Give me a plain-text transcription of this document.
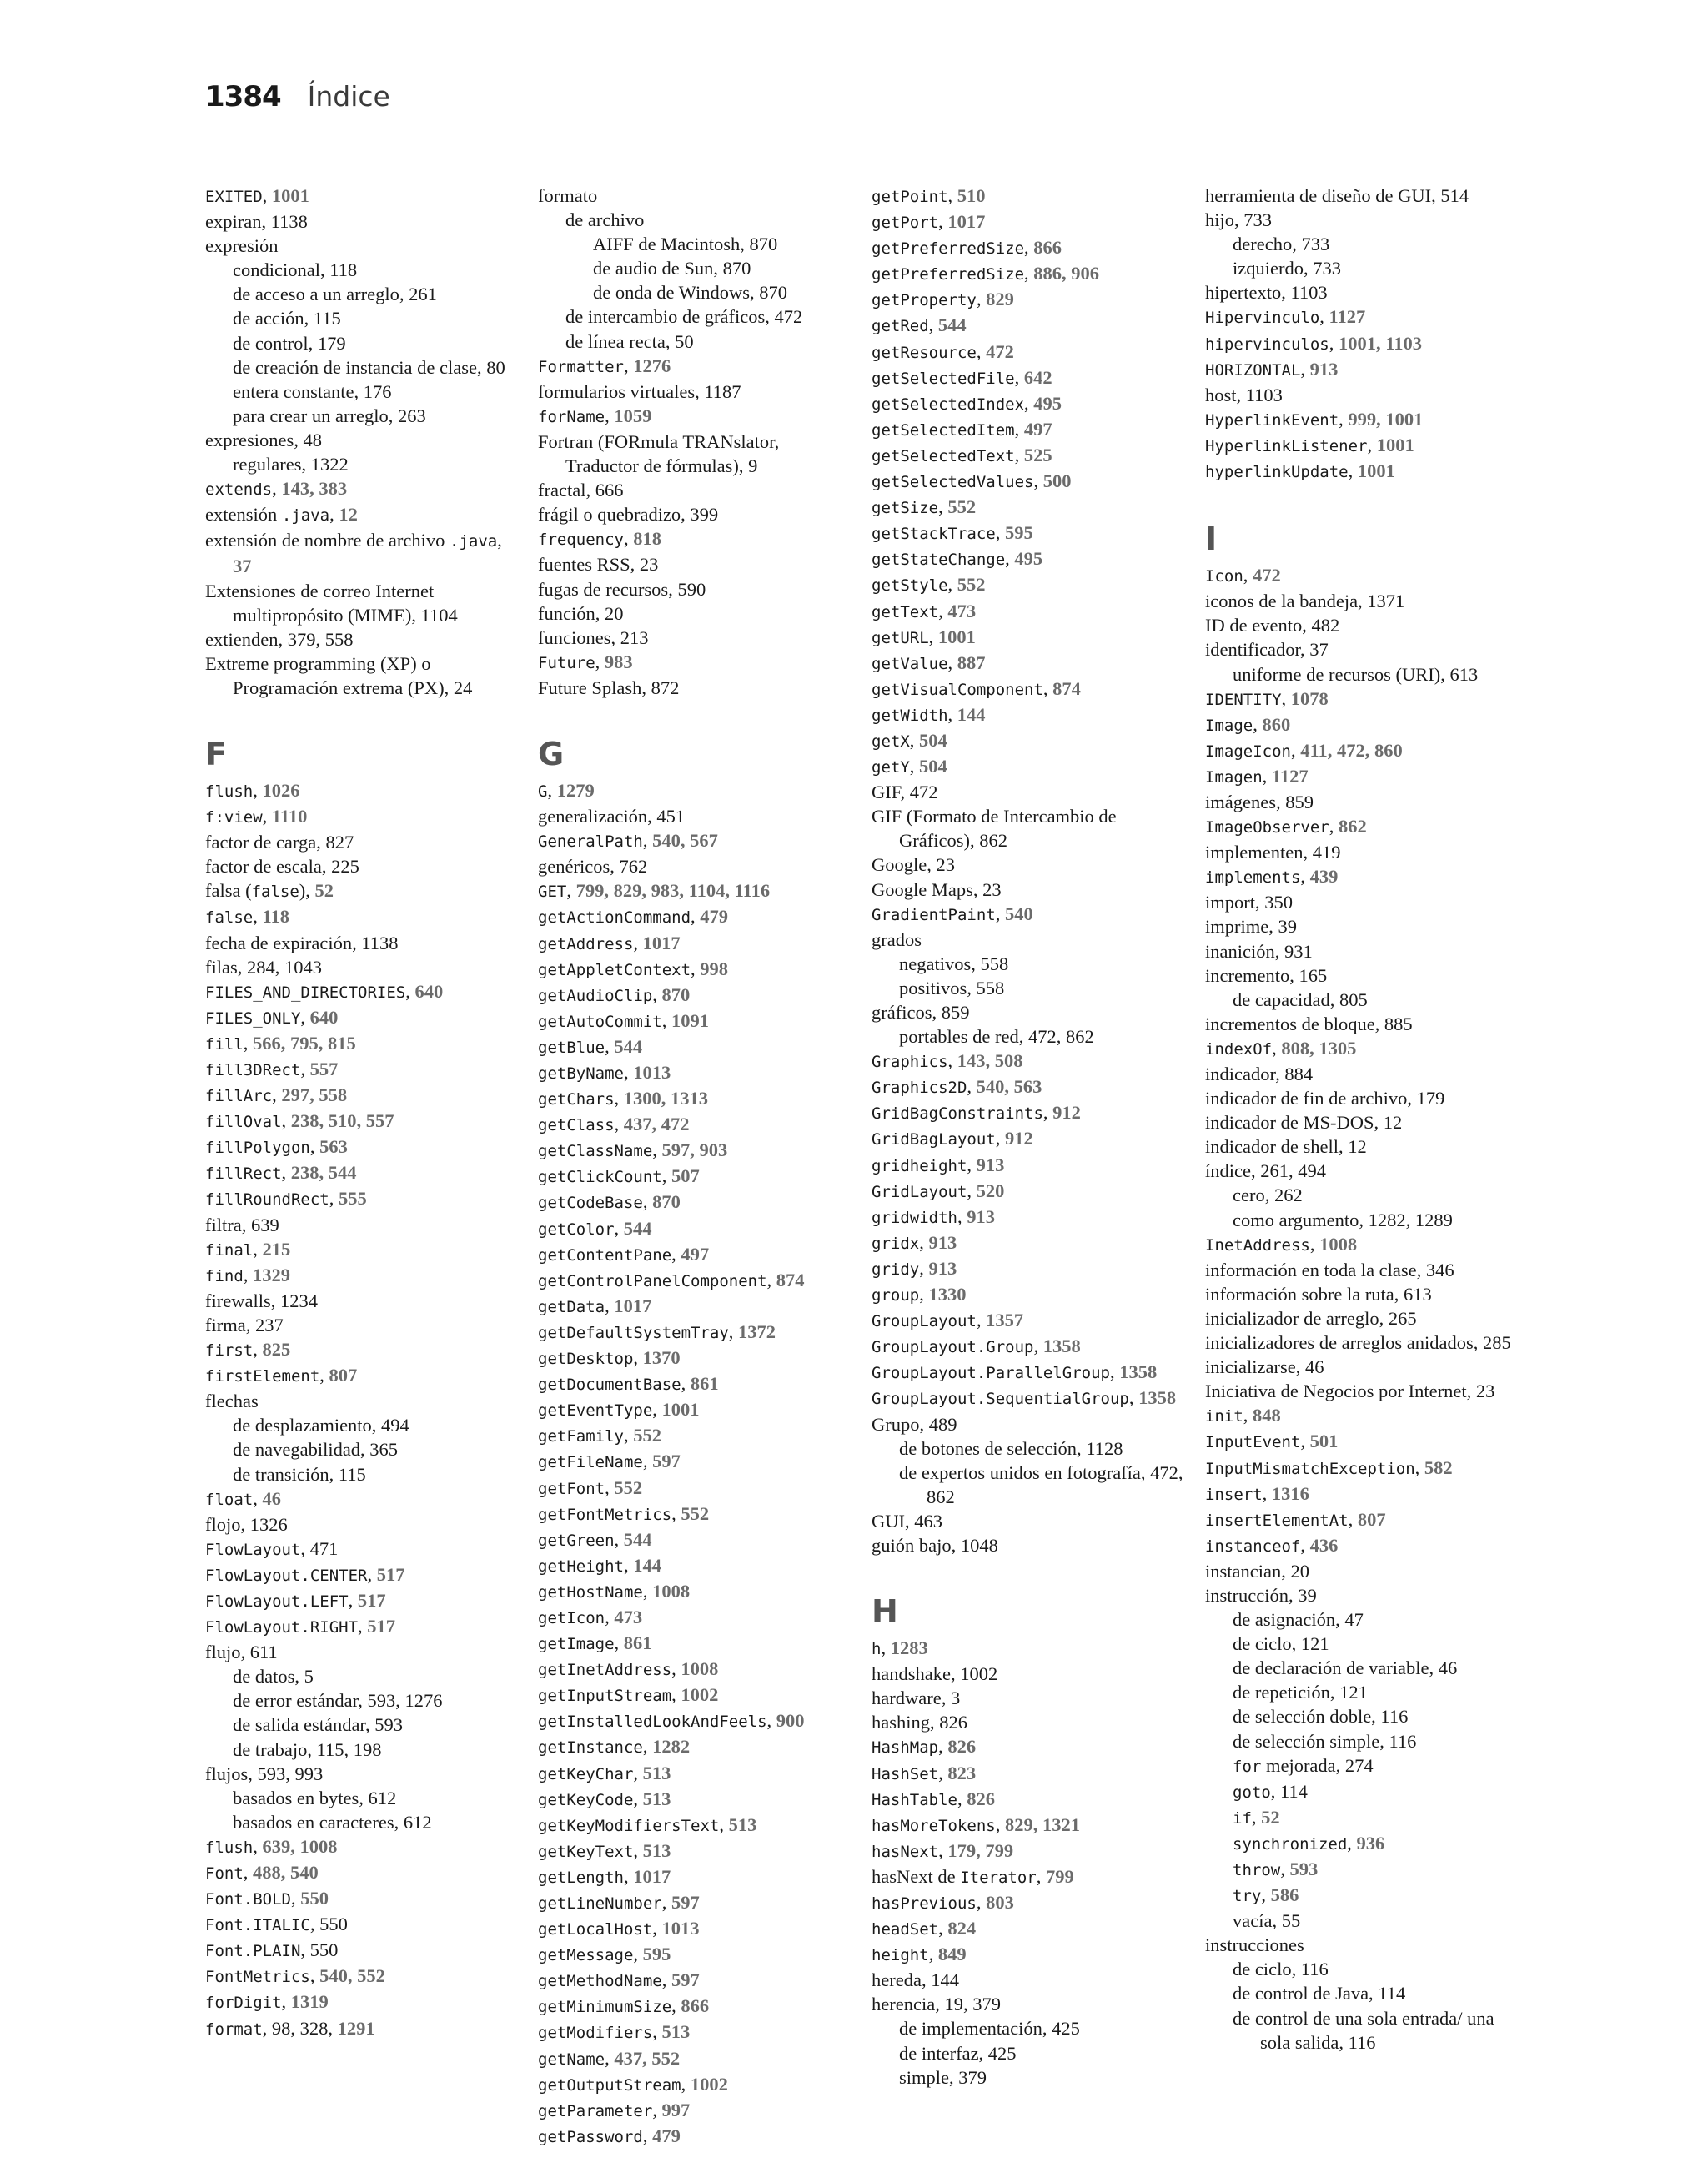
1384 Índice
EXITED, 1001
expiran, 1138
expresión
condicional, 118
de acceso a un arreglo, 261
de acción, 115
de control, 179
de creación de instancia de clase, 80
entera constante, 176
para crear un arreglo, 263
expresiones, 48
regulares, 1322
extends, 143, 383
extensión .java, 12
extensión de nombre de archivo .java, 37
Extensiones de correo Internet multipropósito (MIME), 1104
extienden, 379, 558
Extreme programming (XP) o Programación extrema (PX), 24
F
flush, 1026
f:view, 1110
factor de carga, 827
factor de escala, 225
falsa (false), 52
false, 118
fecha de expiración, 1138
filas, 284, 1043
FILES_AND_DIRECTORIES, 640
FILES_ONLY, 640
fill, 566, 795, 815
fill3DRect, 557
fillArc, 297, 558
fillOval, 238, 510, 557
fillPolygon, 563
fillRect, 238, 544
fillRoundRect, 555
filtra, 639
final, 215
find, 1329
firewalls, 1234
firma, 237
first, 825
firstElement, 807
flechas
de desplazamiento, 494
de navegabilidad, 365
de transición, 115
float, 46
flojo, 1326
FlowLayout, 471
FlowLayout.CENTER, 517
FlowLayout.LEFT, 517
FlowLayout.RIGHT, 517
flujo, 611
de datos, 5
de error estándar, 593, 1276
de salida estándar, 593
de trabajo, 115, 198
flujos, 593, 993
basados en bytes, 612
basados en caracteres, 612
flush, 639, 1008
Font, 488, 540
Font.BOLD, 550
Font.ITALIC, 550
Font.PLAIN, 550
FontMetrics, 540, 552
forDigit, 1319
format, 98, 328, 1291
formato
de archivo
AIFF de Macintosh, 870
de audio de Sun, 870
de onda de Windows, 870
de intercambio de gráficos, 472
de línea recta, 50
Formatter, 1276
formularios virtuales, 1187
forName, 1059
Fortran (FORmula TRANslator, Traductor de fórmulas), 9
fractal, 666
frágil o quebradizo, 399
frequency, 818
fuentes RSS, 23
fugas de recursos, 590
función, 20
funciones, 213
Future, 983
Future Splash, 872
G
G, 1279
generalización, 451
GeneralPath, 540, 567
genéricos, 762
GET, 799, 829, 983, 1104, 1116
getActionCommand, 479
getAddress, 1017
getAppletContext, 998
getAudioClip, 870
getAutoCommit, 1091
getBlue, 544
getByName, 1013
getChars, 1300, 1313
getClass, 437, 472
getClassName, 597, 903
getClickCount, 507
getCodeBase, 870
getColor, 544
getContentPane, 497
getControlPanelComponent, 874
getData, 1017
getDefaultSystemTray, 1372
getDesktop, 1370
getDocumentBase, 861
getEventType, 1001
getFamily, 552
getFileName, 597
getFont, 552
getFontMetrics, 552
getGreen, 544
getHeight, 144
getHostName, 1008
getIcon, 473
getImage, 861
getInetAddress, 1008
getInputStream, 1002
getInstalledLookAndFeels, 900
getInstance, 1282
getKeyChar, 513
getKeyCode, 513
getKeyModifiersText, 513
getKeyText, 513
getLength, 1017
getLineNumber, 597
getLocalHost, 1013
getMessage, 595
getMethodName, 597
getMinimumSize, 866
getModifiers, 513
getName, 437, 552
getOutputStream, 1002
getParameter, 997
getPassword, 479
getPoint, 510
getPort, 1017
getPreferredSize, 866
getPreferredSize, 886, 906
getProperty, 829
getRed, 544
getResource, 472
getSelectedFile, 642
getSelectedIndex, 495
getSelectedItem, 497
getSelectedText, 525
getSelectedValues, 500
getSize, 552
getStackTrace, 595
getStateChange, 495
getStyle, 552
getText, 473
getURL, 1001
getValue, 887
getVisualComponent, 874
getWidth, 144
getX, 504
getY, 504
GIF, 472
GIF (Formato de Intercambio de Gráficos), 862
Google, 23
Google Maps, 23
GradientPaint, 540
grados
negativos, 558
positivos, 558
gráficos, 859
portables de red, 472, 862
Graphics, 143, 508
Graphics2D, 540, 563
GridBagConstraints, 912
GridBagLayout, 912
gridheight, 913
GridLayout, 520
gridwidth, 913
gridx, 913
gridy, 913
group, 1330
GroupLayout, 1357
GroupLayout.Group, 1358
GroupLayout.ParallelGroup, 1358
GroupLayout.SequentialGroup, 1358
Grupo, 489
de botones de selección, 1128
de expertos unidos en fotografía, 472, 862
GUI, 463
guión bajo, 1048
H
h, 1283
handshake, 1002
hardware, 3
hashing, 826
HashMap, 826
HashSet, 823
HashTable, 826
hasMoreTokens, 829, 1321
hasNext, 179, 799
hasNext de Iterator, 799
hasPrevious, 803
headSet, 824
height, 849
hereda, 144
herencia, 19, 379
de implementación, 425
de interfaz, 425
simple, 379
herramienta de diseño de GUI, 514
hijo, 733
derecho, 733
izquierdo, 733
hipertexto, 1103
Hipervinculo, 1127
hipervinculos, 1001, 1103
HORIZONTAL, 913
host, 1103
HyperlinkEvent, 999, 1001
HyperlinkListener, 1001
hyperlinkUpdate, 1001
I
Icon, 472
iconos de la bandeja, 1371
ID de evento, 482
identificador, 37
uniforme de recursos (URI), 613
IDENTITY, 1078
Image, 860
ImageIcon, 411, 472, 860
Imagen, 1127
imágenes, 859
ImageObserver, 862
implementen, 419
implements, 439
import, 350
imprime, 39
inanición, 931
incremento, 165
de capacidad, 805
incrementos de bloque, 885
indexOf, 808, 1305
indicador, 884
indicador de fin de archivo, 179
indicador de MS-DOS, 12
indicador de shell, 12
índice, 261, 494
cero, 262
como argumento, 1282, 1289
InetAddress, 1008
información en toda la clase, 346
información sobre la ruta, 613
inicializador de arreglo, 265
inicializadores de arreglos anidados, 285
inicializarse, 46
Iniciativa de Negocios por Internet, 23
init, 848
InputEvent, 501
InputMismatchException, 582
insert, 1316
insertElementAt, 807
instanceof, 436
instancian, 20
instrucción, 39
de asignación, 47
de ciclo, 121
de declaración de variable, 46
de repetición, 121
de selección doble, 116
de selección simple, 116
for mejorada, 274
goto, 114
if, 52
synchronized, 936
throw, 593
try, 586
vacía, 55
instrucciones
de ciclo, 116
de control de Java, 114
de control de una sola entrada/ una sola salida, 116
